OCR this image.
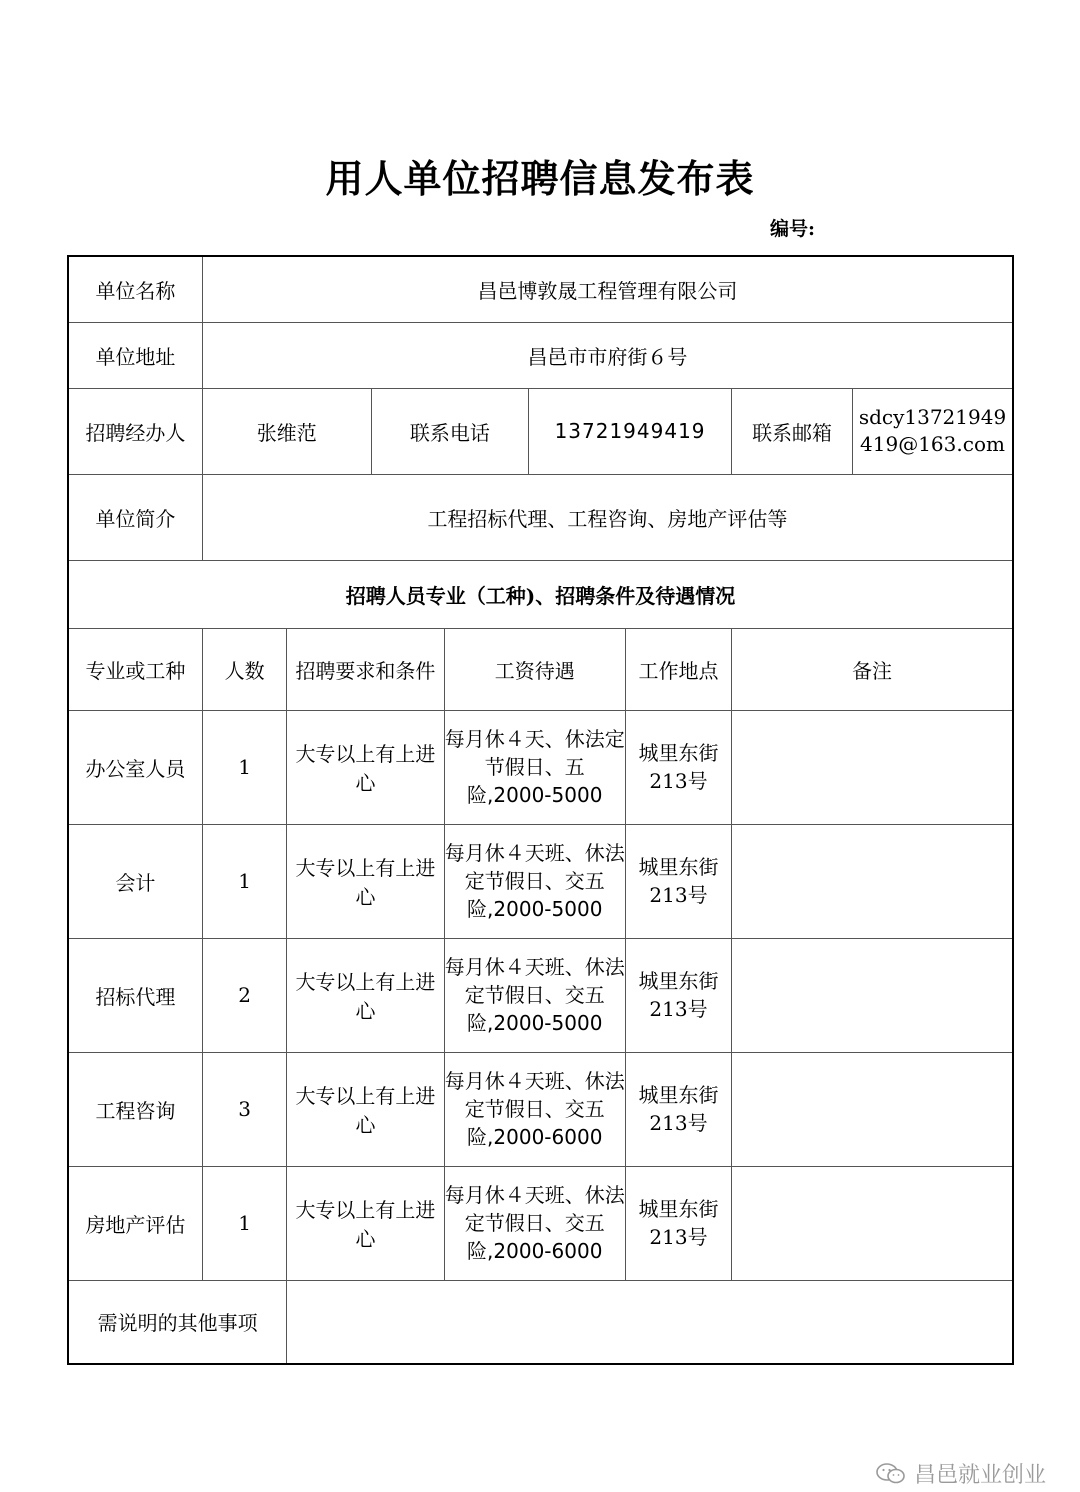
用人单位招聘信息发布表
编号:
单位名称	昌邑博敦晟工程管理有限公司							
单位地址	昌邑市市府街６号							
招聘经办人	张维范		联系电话		13721949419		联系邮箱	sdcy13721949419@163.com
单位简介	工程招标代理、工程咨询、房地产评估等							
招聘人员专业（工种)、招聘条件及待遇情况								
专业或工种	人数	招聘要求和条件		工资待遇		工作地点	备注	
办公室人员	1	大专以上有上进心		每月休４天、休法定节假日、五险,2000-5000		城里东街213号		
会计	1	大专以上有上进心		每月休４天班、休法定节假日、交五险,2000-5000		城里东街213号		
招标代理	2	大专以上有上进心		每月休４天班、休法定节假日、交五险,2000-5000		城里东街213号		
工程咨询	3	大专以上有上进心		每月休４天班、休法定节假日、交五险,2000-6000		城里东街213号		
房地产评估	1	大专以上有上进心		每月休４天班、休法定节假日、交五险,2000-6000		城里东街213号		
需说明的其他事项								
昌邑就业创业
